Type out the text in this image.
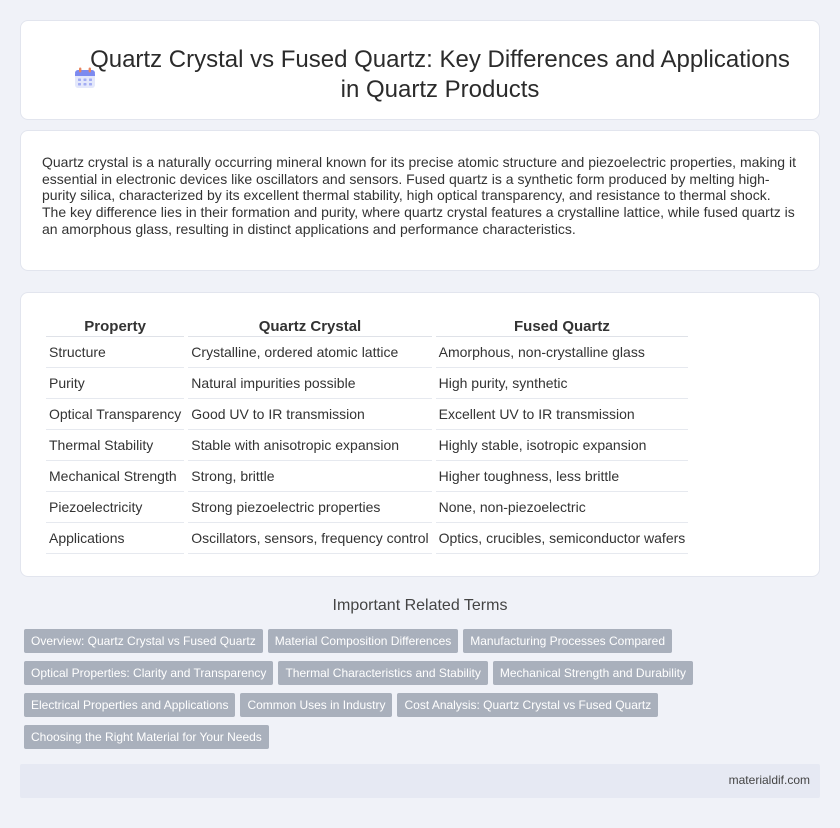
Quartz Crystal vs Fused Quartz: Key Differences and Applications in Quartz Products

Quartz crystal is a naturally occurring mineral known for its precise atomic structure and piezoelectric properties, making it essential in electronic devices like oscillators and sensors. Fused quartz is a synthetic form produced by melting high-purity silica, characterized by its excellent thermal stability, high optical transparency, and resistance to thermal shock. The key difference lies in their formation and purity, where quartz crystal features a crystalline lattice, while fused quartz is an amorphous glass, resulting in distinct applications and performance characteristics.

Property	Quartz Crystal	Fused Quartz
Structure	Crystalline, ordered atomic lattice	Amorphous, non-crystalline glass
Purity	Natural impurities possible	High purity, synthetic
Optical Transparency	Good UV to IR transmission	Excellent UV to IR transmission
Thermal Stability	Stable with anisotropic expansion	Highly stable, isotropic expansion
Mechanical Strength	Strong, brittle	Higher toughness, less brittle
Piezoelectricity	Strong piezoelectric properties	None, non-piezoelectric
Applications	Oscillators, sensors, frequency control	Optics, crucibles, semiconductor wafers
Important Related Terms
Overview: Quartz Crystal vs Fused Quartz Material Composition Differences Manufacturing Processes ComparedOptical Properties: Clarity and Transparency Thermal Characteristics and Stability Mechanical Strength and DurabilityElectrical Properties and Applications Common Uses in Industry Cost Analysis: Quartz Crystal vs Fused QuartzChoosing the Right Material for Your Needs
materialdif.com
